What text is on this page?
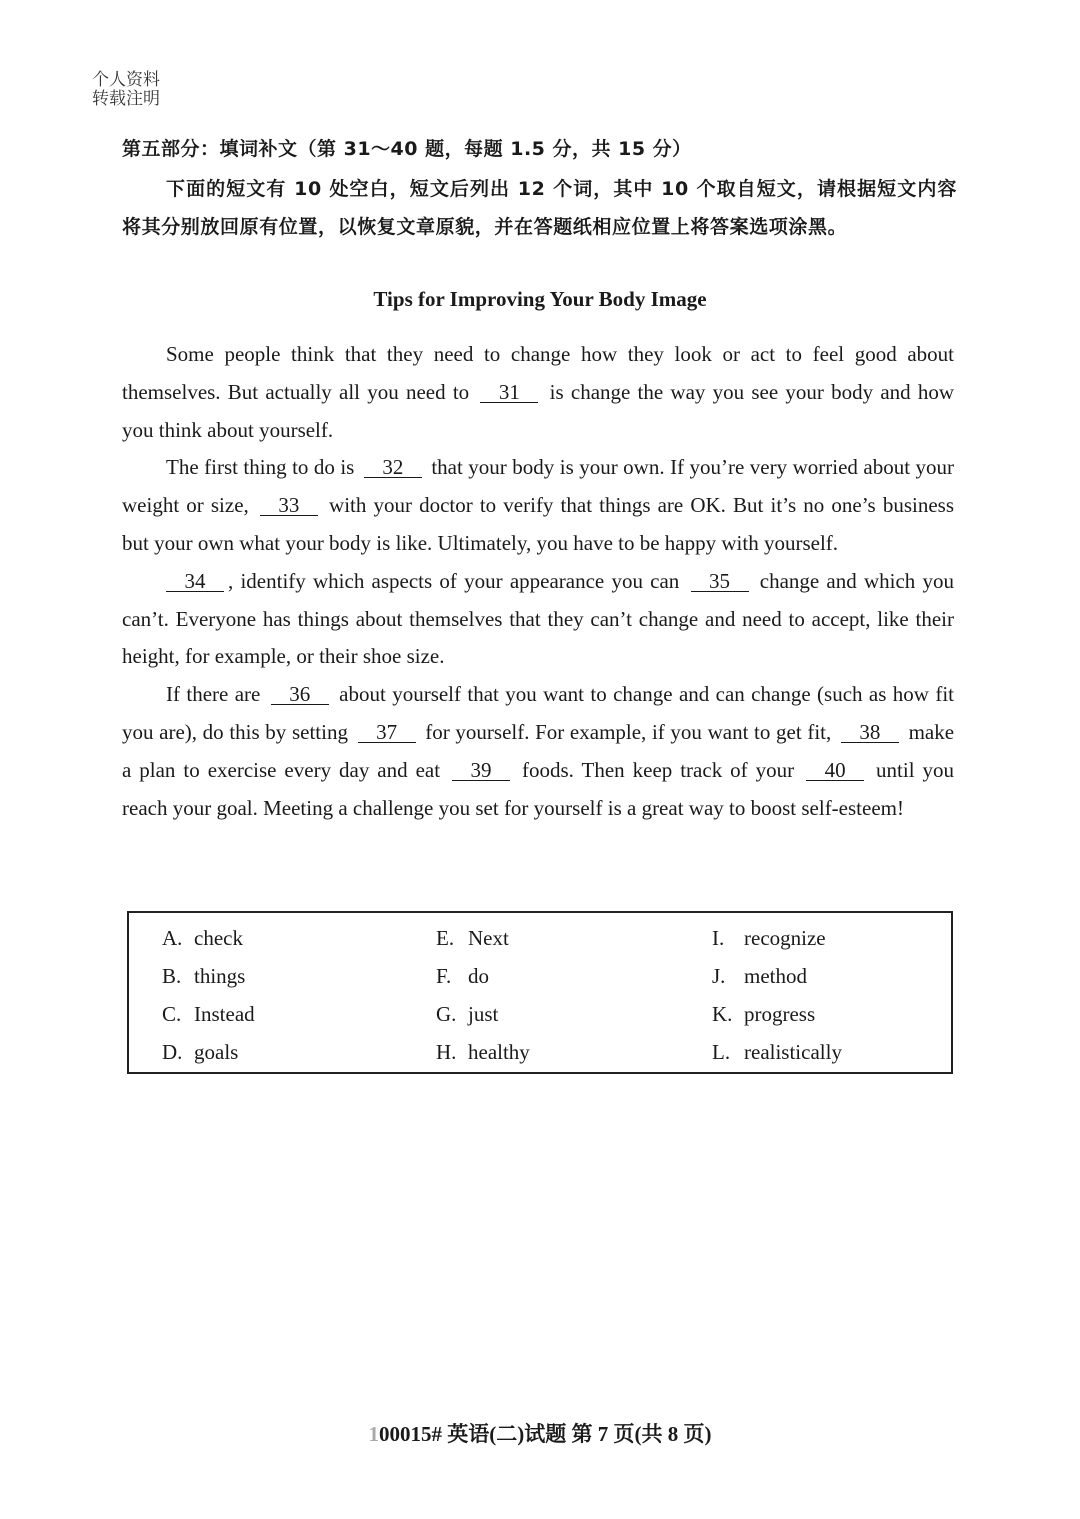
个人资料
转载注明
第五部分：填词补文（第 31～40 题，每题 1.5 分，共 15 分）
下面的短文有 10 处空白，短文后列出 12 个词，其中 10 个取自短文，请根据短文内容将其分别放回原有位置，以恢复文章原貌，并在答题纸相应位置上将答案选项涂黑。
Tips for Improving Your Body Image

Some people think that they need to change how they look or act to feel good about themselves. But actually all you need to 31 is change the way you see your body and how you think about yourself.

The first thing to do is 32 that your body is your own. If you’re very worried about your weight or size, 33 with your doctor to verify that things are OK. But it’s no one’s business but your own what your body is like. Ultimately, you have to be happy with yourself.

34 , identify which aspects of your appearance you can 35 change and which you can’t. Everyone has things about themselves that they can’t change and need to accept, like their height, for example, or their shoe size.

If there are 36 about yourself that you want to change and can change (such as how fit you are), do this by setting 37 for yourself. For example, if you want to get fit, 38 make a plan to exercise every day and eat 39 foods. Then keep track of your 40 until you reach your goal. Meeting a challenge you set for yourself is a great way to boost self-esteem!

A. check
B. things
C. Instead
D. goals
E. Next
F. do
G. just
H. healthy
I. recognize
J. method
K. progress
L. realistically
100015# 英语(二)试题 第 7 页(共 8 页)
